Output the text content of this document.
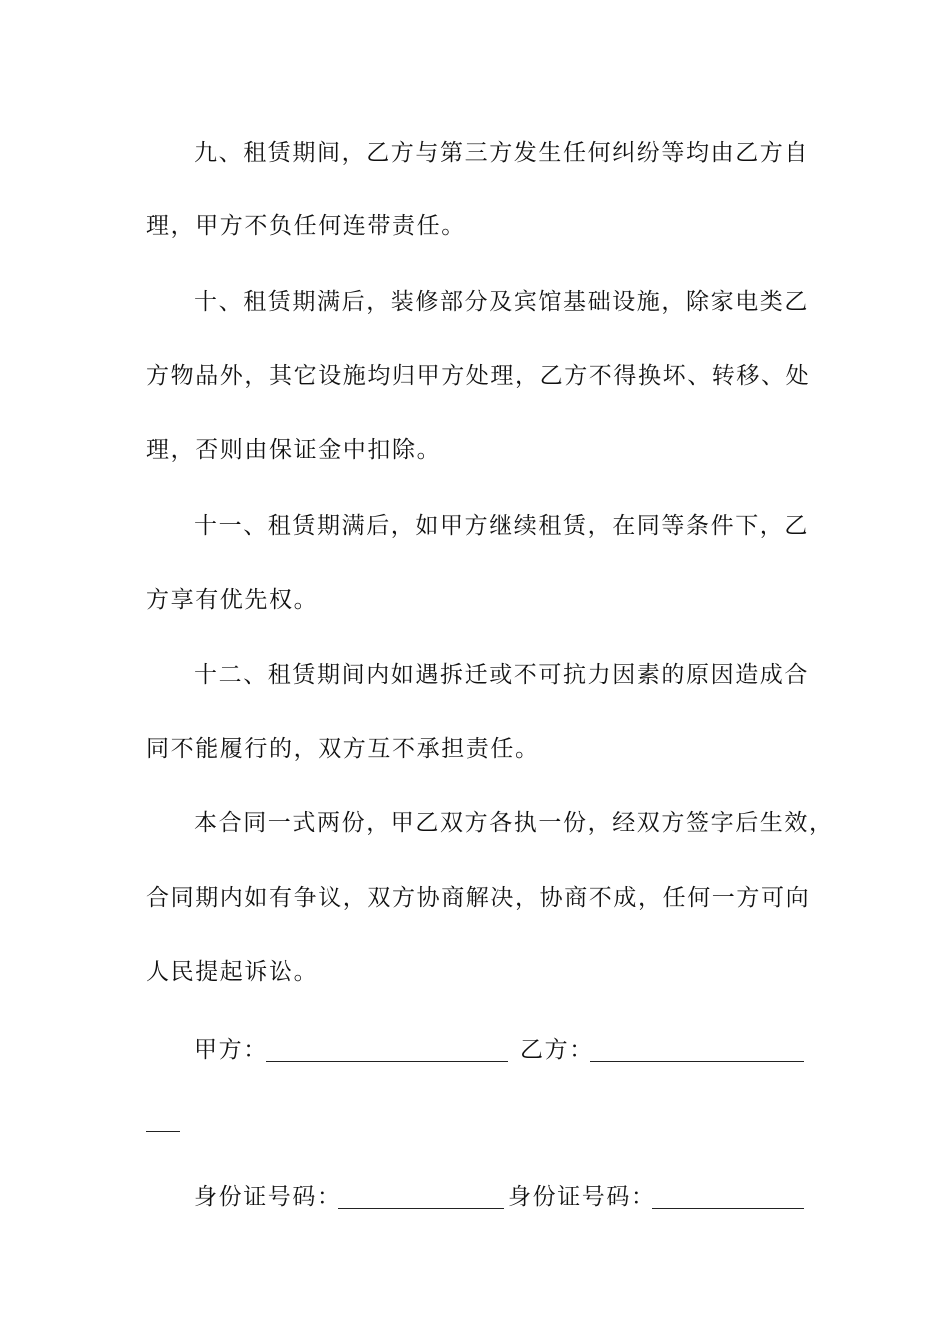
九、租赁期间，乙方与第三方发生任何纠纷等均由乙方自
理，甲方不负任何连带责任。
十、租赁期满后，装修部分及宾馆基础设施，除家电类乙
方物品外，其它设施均归甲方处理，乙方不得换坏、转移、处
理，否则由保证金中扣除。
十一、租赁期满后，如甲方继续租赁，在同等条件下，乙
方享有优先权。
十二、租赁期间内如遇拆迁或不可抗力因素的原因造成合
同不能履行的，双方互不承担责任。
本合同一式两份，甲乙双方各执一份，经双方签字后生效，
合同期内如有争议，双方协商解决，协商不成，任何一方可向
人民提起诉讼。
甲方：	乙方：
身份证号码：	身份证号码：
